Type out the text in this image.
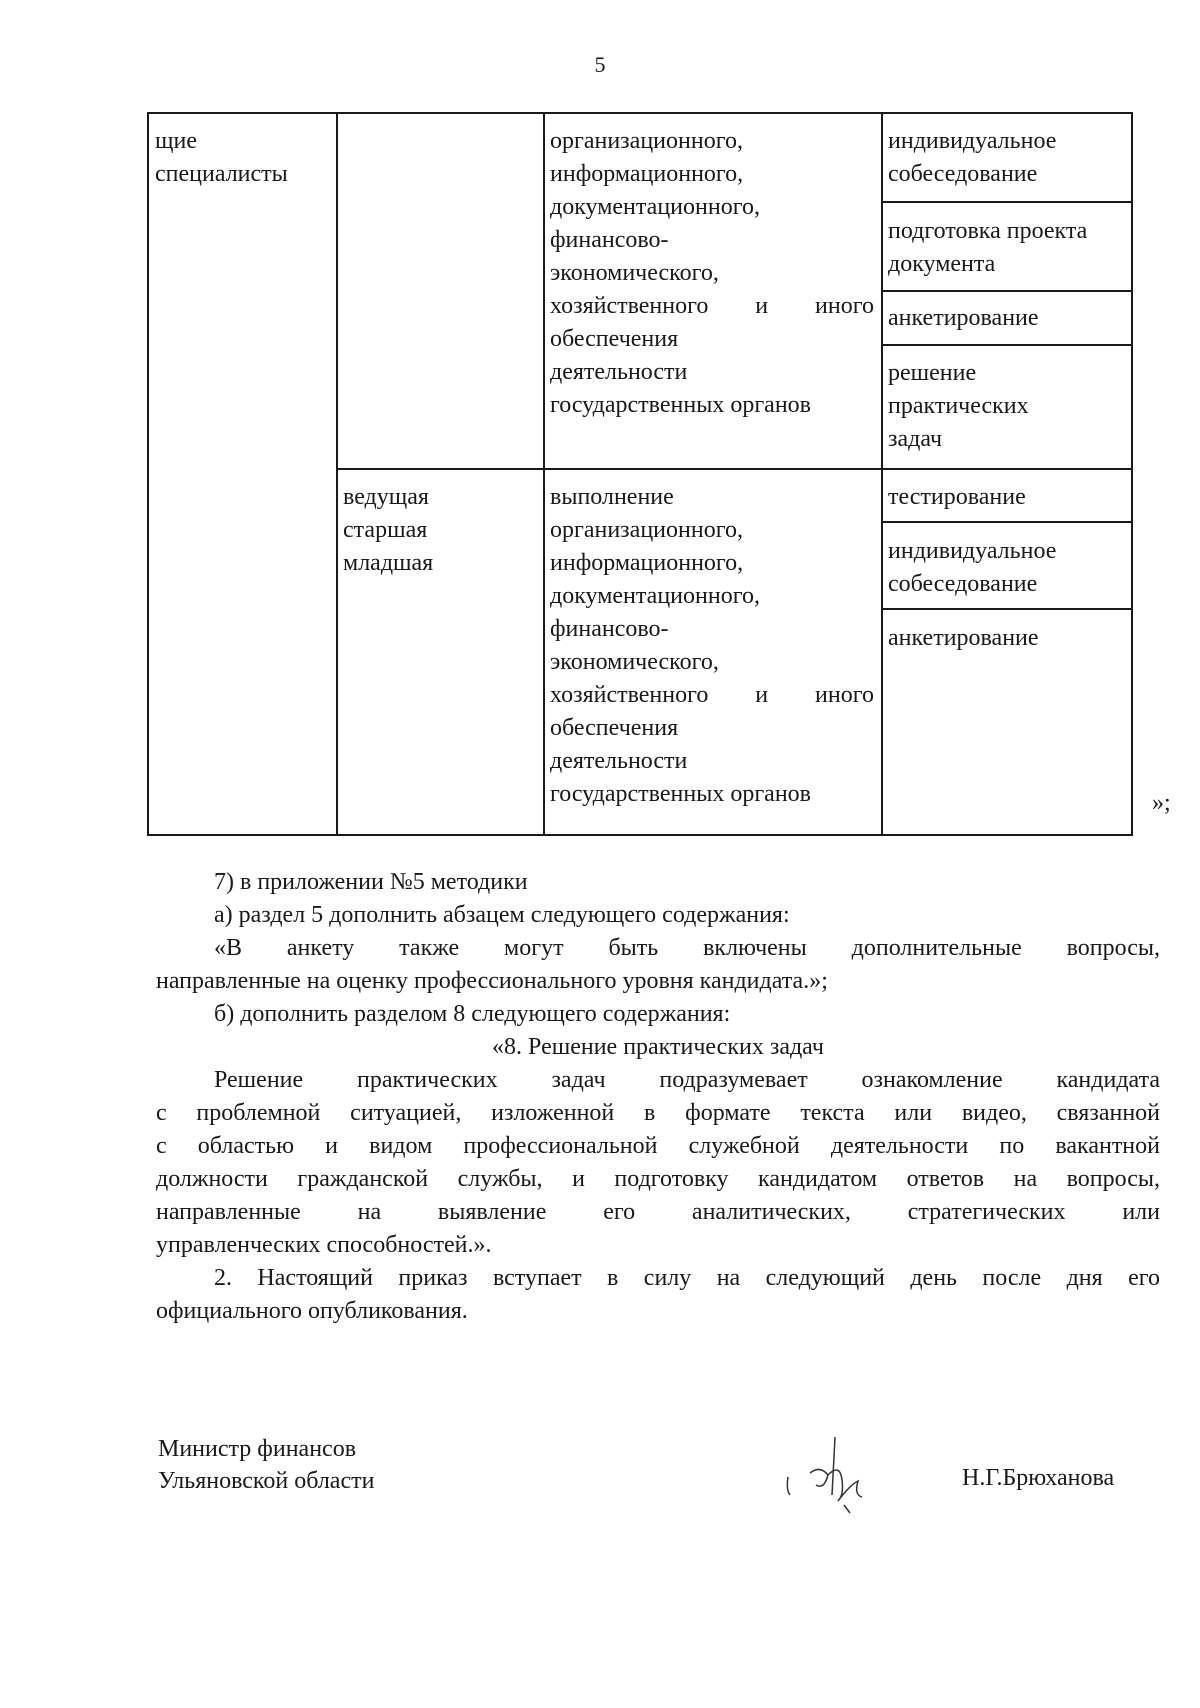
5
щие
специалисты
организационного,
информационного,
документационного,
финансово-
экономического,
хозяйственного и иного
обеспечения
деятельности
государственных органов
индивидуальное
собеседование
подготовка проекта
документа
анкетирование
решение
практических
задач
ведущая
старшая
младшая
выполнение
организационного,
информационного,
документационного,
финансово-
экономического,
хозяйственного и иного
обеспечения
деятельности
государственных органов
тестирование
индивидуальное
собеседование
анкетирование
»;
7) в приложении №5 методики
а) раздел 5 дополнить абзацем следующего содержания:
«В анкету также могут быть включены дополнительные вопросы,
направленные на оценку профессионального уровня кандидата.»;
б) дополнить разделом 8 следующего содержания:
«8. Решение практических задач
Решение практических задач подразумевает ознакомление кандидата
с проблемной ситуацией, изложенной в формате текста или видео, связанной
с областью и видом профессиональной служебной деятельности по вакантной
должности гражданской службы, и подготовку кандидатом ответов на вопросы,
направленные на выявление его аналитических, стратегических или
управленческих способностей.».
2. Настоящий приказ вступает в силу на следующий день после дня его
официального опубликования.
Министр финансов
Ульяновской области	Н.Г.Брюханова
